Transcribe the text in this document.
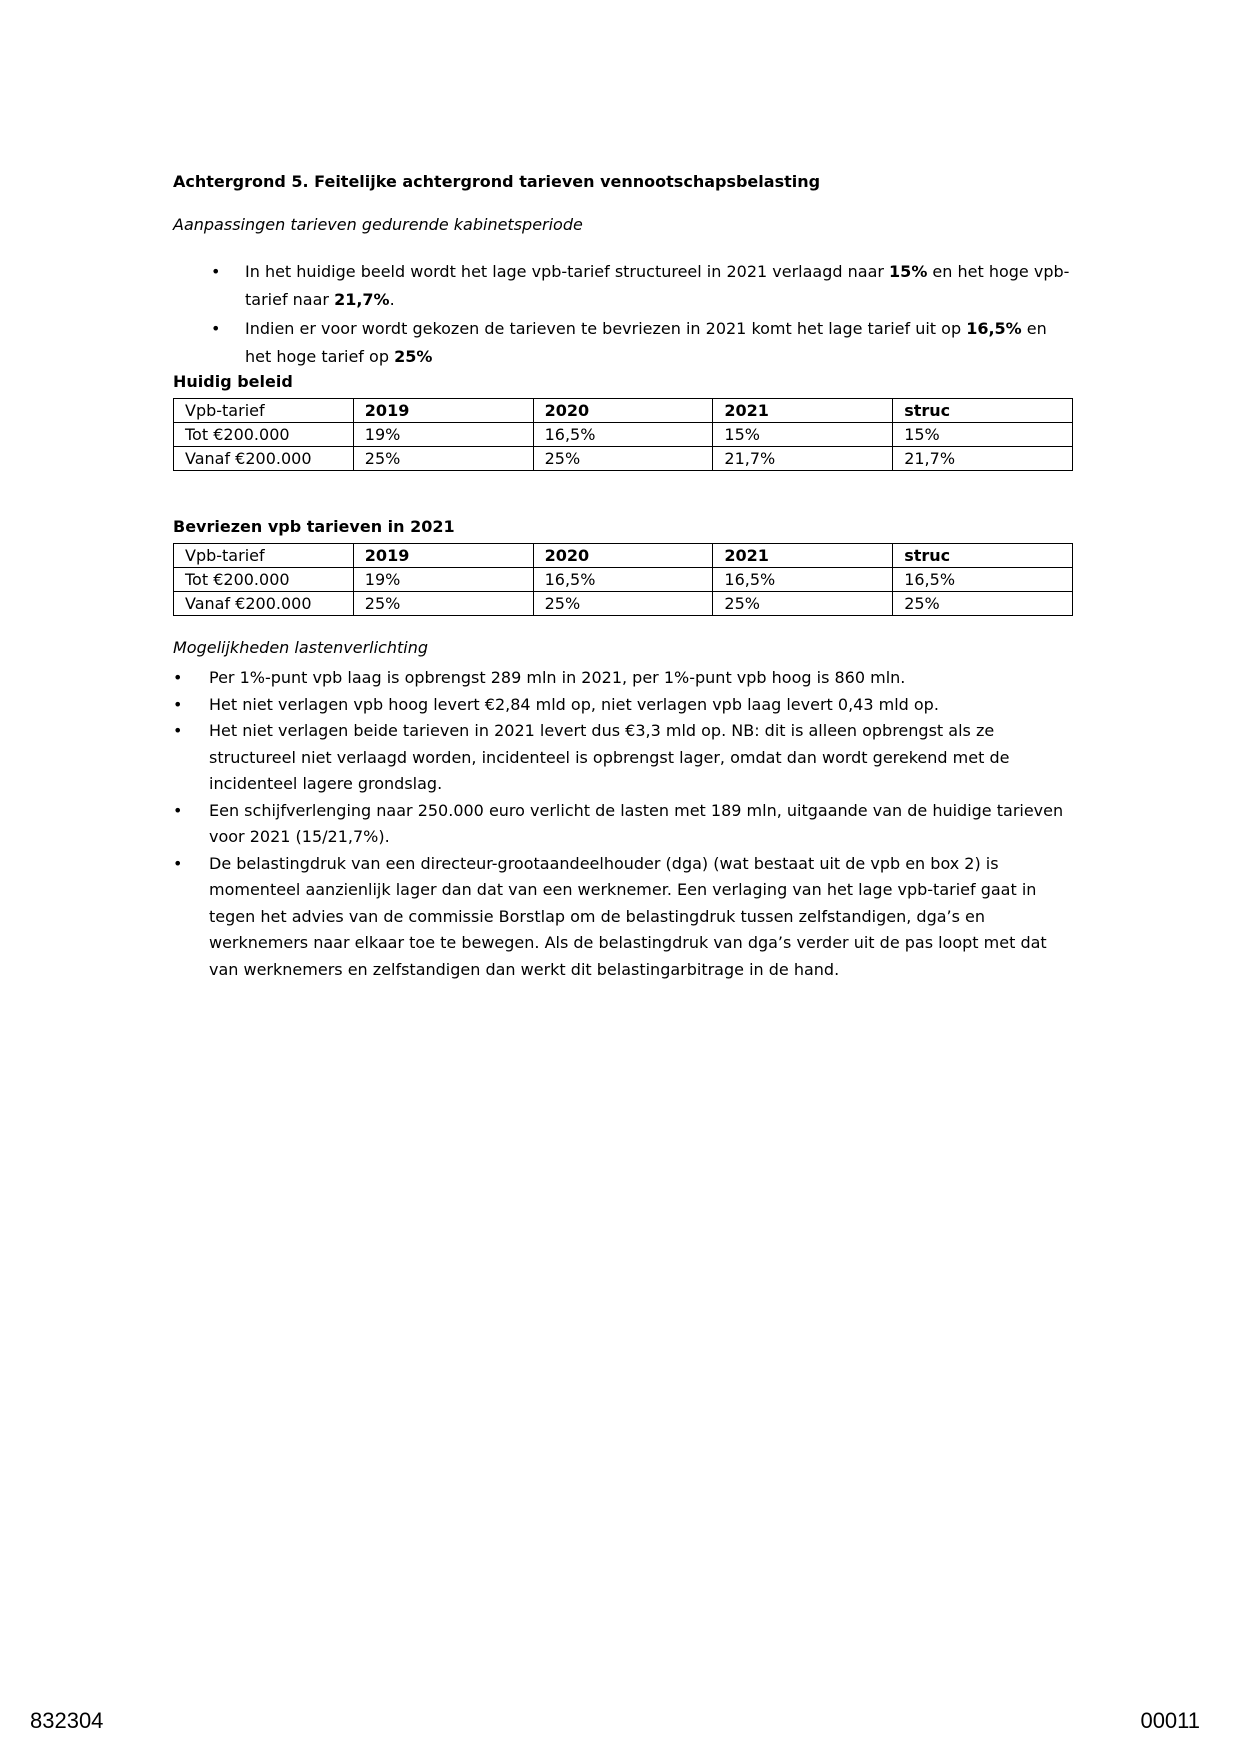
Achtergrond 5. Feitelijke achtergrond tarieven vennootschapsbelasting
Aanpassingen tarieven gedurende kabinetsperiode
• In het huidige beeld wordt het lage vpb-tarief structureel in 2021 verlaagd naar 15% en het hoge vpb-tarief naar 21,7%.
• Indien er voor wordt gekozen de tarieven te bevriezen in 2021 komt het lage tarief uit op 16,5% en het hoge tarief op 25%
Huidig beleid
Vpb-tarief	2019	2020	2021	struc
Tot €200.000	19%	16,5%	15%	15%
Vanaf €200.000	25%	25%	21,7%	21,7%
Bevriezen vpb tarieven in 2021
Vpb-tarief	2019	2020	2021	struc
Tot €200.000	19%	16,5%	16,5%	16,5%
Vanaf €200.000	25%	25%	25%	25%
Mogelijkheden lastenverlichting
• Per 1%-punt vpb laag is opbrengst 289 mln in 2021, per 1%-punt vpb hoog is 860 mln.
• Het niet verlagen vpb hoog levert €2,84 mld op, niet verlagen vpb laag levert 0,43 mld op.
• Het niet verlagen beide tarieven in 2021 levert dus €3,3 mld op. NB: dit is alleen opbrengst als ze structureel niet verlaagd worden, incidenteel is opbrengst lager, omdat dan wordt gerekend met de incidenteel lagere grondslag.
• Een schijfverlenging naar 250.000 euro verlicht de lasten met 189 mln, uitgaande van de huidige tarieven voor 2021 (15/21,7%).
• De belastingdruk van een directeur-grootaandeelhouder (dga) (wat bestaat uit de vpb en box 2) is momenteel aanzienlijk lager dan dat van een werknemer. Een verlaging van het lage vpb-tarief gaat in tegen het advies van de commissie Borstlap om de belastingdruk tussen zelfstandigen, dga’s en werknemers naar elkaar toe te bewegen. Als de belastingdruk van dga’s verder uit de pas loopt met dat van werknemers en zelfstandigen dan werkt dit belastingarbitrage in de hand.
832304	00011
